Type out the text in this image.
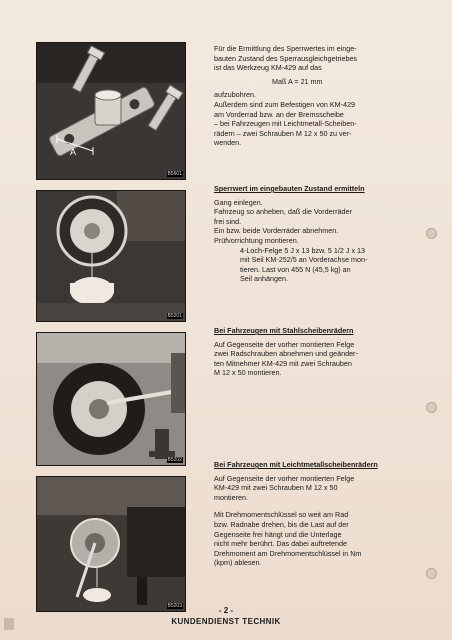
A
B5601
B5201
B5202
B5203

Für die Ermittlung des Sperrwertes im einge-
bauten Zustand des Sperrausgleichgetriebes
ist das Werkzeug KM-429 auf das

Maß A = 21 mm

aufzubohren.
Außerdem sind zum Befestigen von KM-429
am Vorderrad bzw. an der Bremsscheibe
– bei Fahrzeugen mit Leichtmetall-Scheiben-
rädern – zwei Schrauben M 12 x 50 zu ver-
wenden.

Sperrwert im eingebauten Zustand ermitteln

Gang einlegen.
Fahrzeug so anheben, daß die Vorderräder
frei sind.
Ein bzw. beide Vorderräder abnehmen.
Prüfvorrichtung montieren.

4-Loch-Felge 5 J x 13 bzw. 5 1/2 J x 13
mit Seil KM-252/5 an Vorderachse mon-
tieren. Last von 455 N (45,5 kg) an
Seil anhängen.

Bei Fahrzeugen mit Stahlscheibenrädern

Auf Gegenseite der vorher montierten Felge
zwei Radschrauben abnehmen und geänder-
ten Mitnehmer KM-429 mit zwei Schrauben
M 12 x 50 montieren.

Bei Fahrzeugen mit Leichtmetallscheibenrädern

Auf Gegenseite der vorher montierten Felge
KM-429 mit zwei Schrauben M 12 x 50
montieren.

Mit Drehmomentschlüssel so weit am Rad
bzw. Radnabe drehen, bis die Last auf der
Gegenseite frei hängt und die Unterlage
nicht mehr berührt. Das dabei auftretende
Drehmoment am Drehmomentschlüssel in Nm
(kpm) ablesen.

- 2 -
KUNDENDIENST TECHNIK
